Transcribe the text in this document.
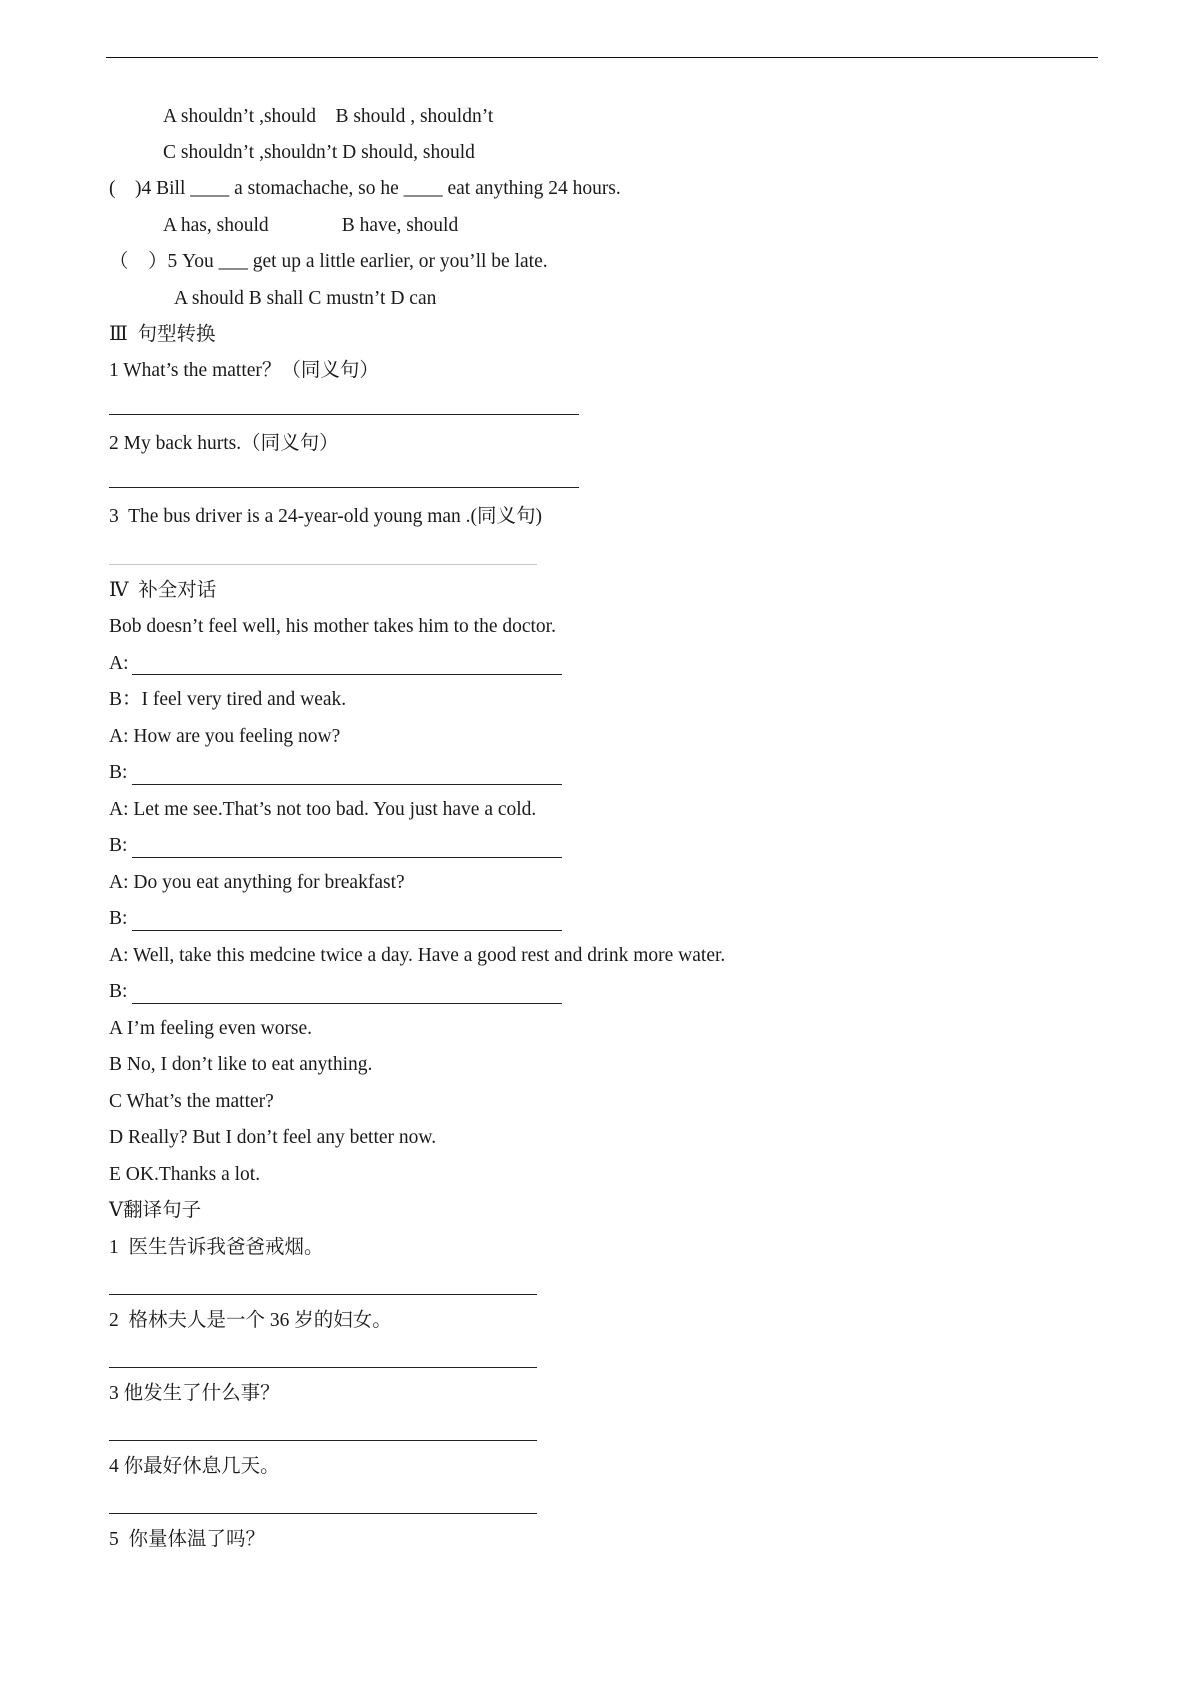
A shouldn’t ,should    B should , shouldn’t
C shouldn’t ,shouldn’t D should, should
(    )4 Bill ____ a stomachache, so he ____ eat anything 24 hours.
A has, should               B have, should
（    ）5 You ___ get up a little earlier, or you’ll be late.
A should B shall C mustn’t D can
Ⅲ  句型转换
1 What’s the matter？（同义句）
2 My back hurts.（同义句）
3  The bus driver is a 24-year-old young man .(同义句)
Ⅳ  补全对话
Bob doesn’t feel well, his mother takes him to the doctor.
A:
B：I feel very tired and weak.
A: How are you feeling now?
B:
A: Let me see.That’s not too bad. You just have a cold.
B:
A: Do you eat anything for breakfast?
B:
A: Well, take this medcine twice a day. Have a good rest and drink more water.
B:
A I’m feeling even worse.
B No, I don’t like to eat anything.
C What’s the matter?
D Really? But I don’t feel any better now.
E OK.Thanks a lot.
Ⅴ翻译句子
1  医生告诉我爸爸戒烟。
2  格林夫人是一个 36 岁的妇女。
3 他发生了什么事？
4 你最好休息几天。
5  你量体温了吗？
